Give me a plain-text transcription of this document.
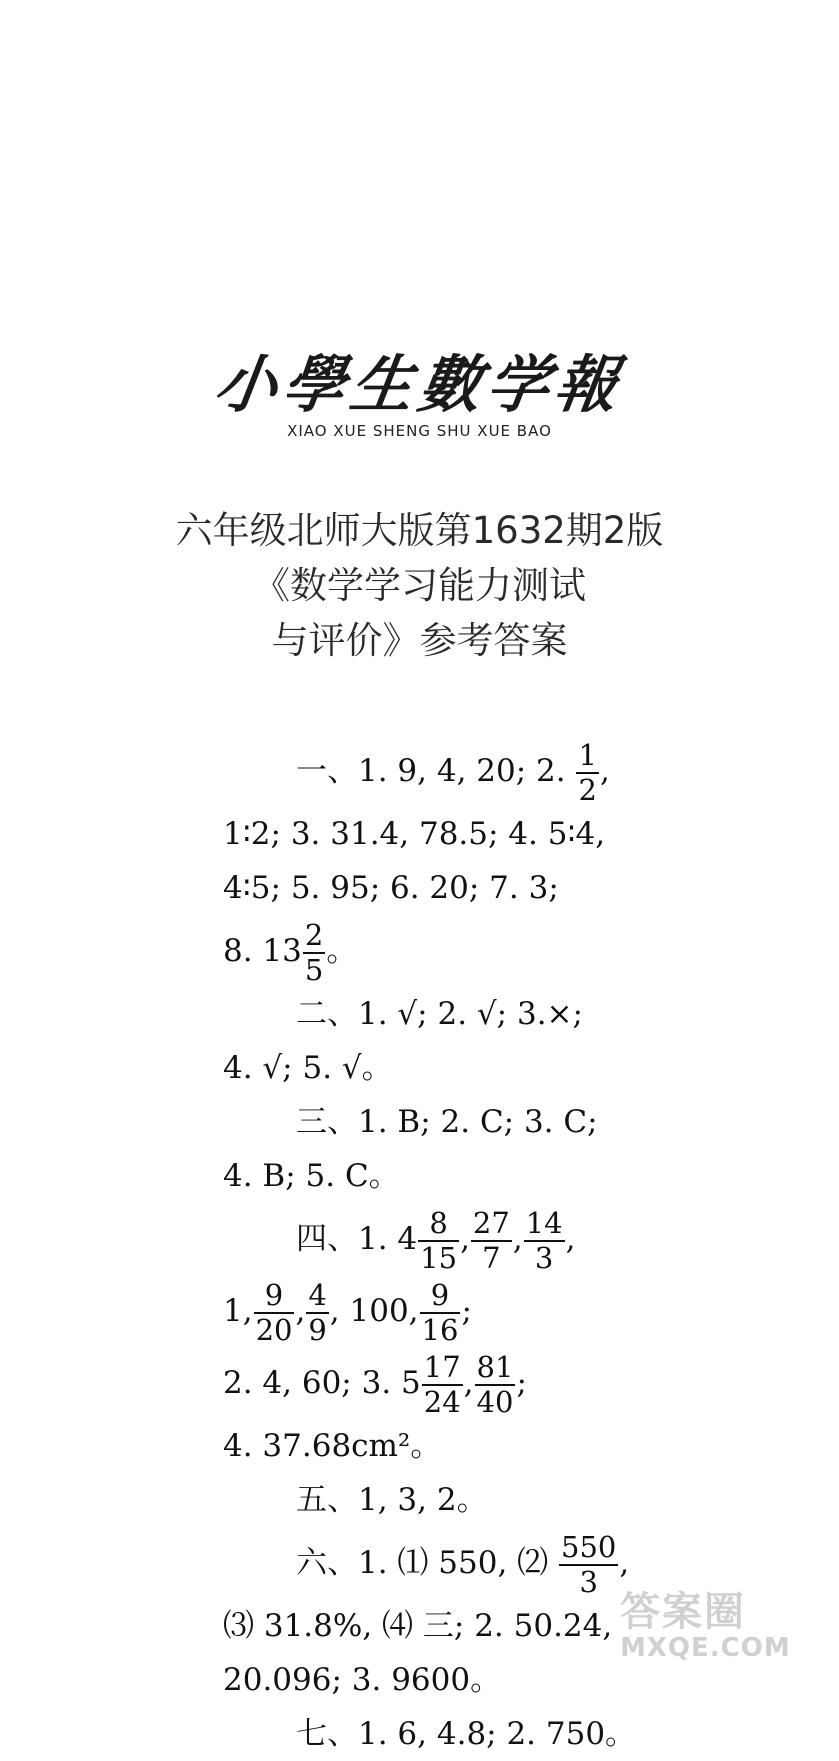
小學生數学報
XIAO XUE SHENG SHU XUE BAO
六年级北师大版第1632期2版
《数学学习能力测试
与评价》参考答案
一、1. 9, 4, 20; 2. $\frac{1}{2}$ ,
1∶2; 3. 31.4, 78.5; 4. 5∶4,
4∶5; 5. 95; 6. 20; 7. 3;
8. $13 \frac{2}{5}$ 。
二、1. √; 2. √; 3.×;
4. √; 5. √。
三、1. B; 2. C; 3. C;
4. B; 5. C。
四、1. $4 \frac{8}{15}$ , $\frac{27}{7}$ , $\frac{14}{3}$ ,
1, $\frac{9}{20}$ , $\frac{4}{9}$ , 100, $\frac{9}{16}$ ;
2. 4, 60; 3. $5 \frac{17}{24}$ , $\frac{81}{40}$ ;
4. 37.68cm²。
五、1, 3, 2。
六、1. ⑴ 550, ⑵ $\frac{550}{3}$ ,
⑶ 31.8%, ⑷ 三; 2. 50.24,
20.096; 3. 9600。
七、1. 6, 4.8; 2. 750。
答案圈
MXQE.COM
